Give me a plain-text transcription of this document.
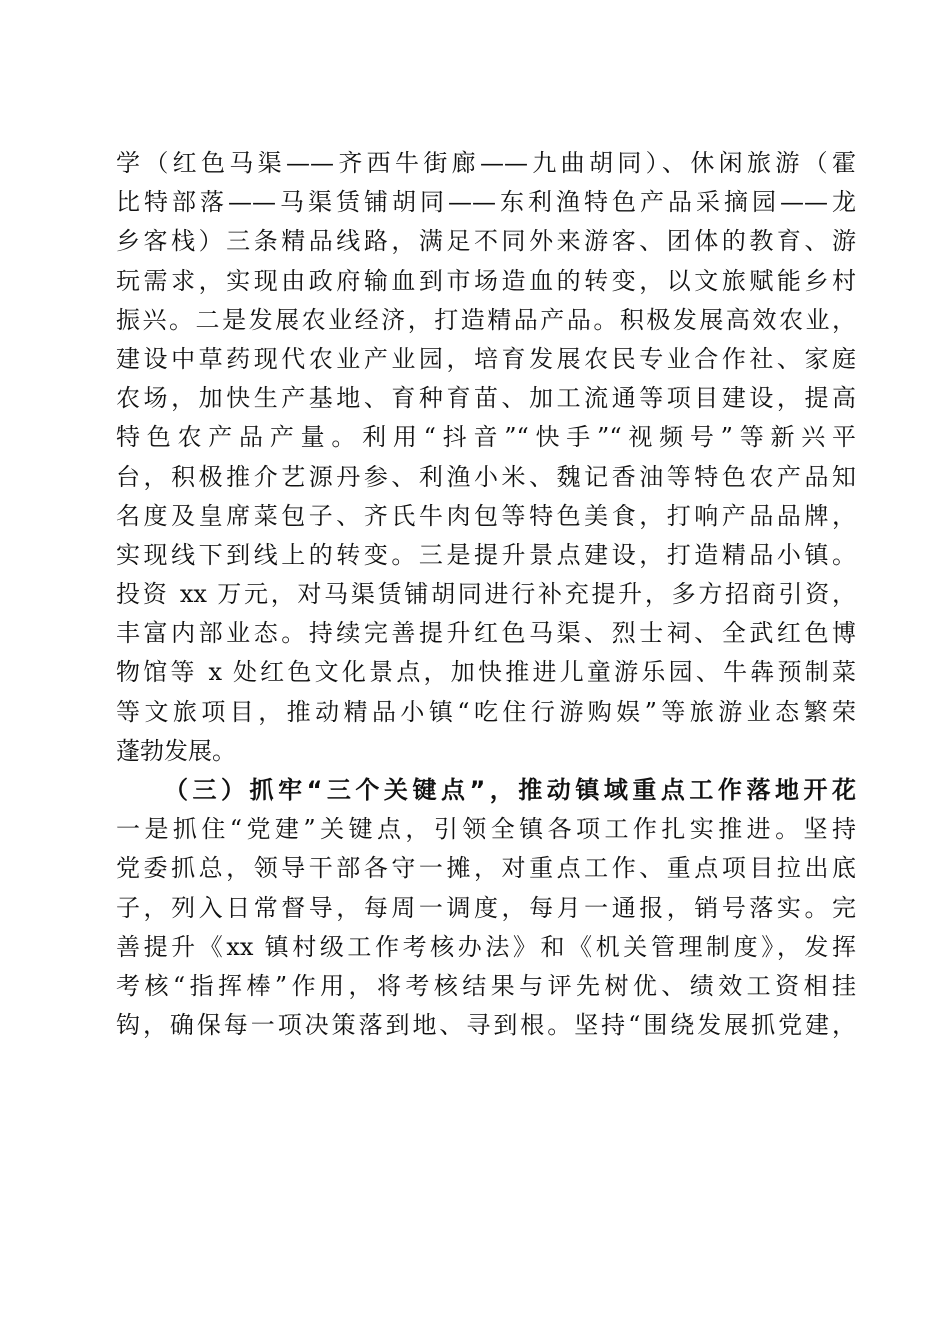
学（红色马渠——齐西牛街廊——九曲胡同）、休闲旅游（霍
比特部落——马渠赁铺胡同——东利渔特色产品采摘园——龙
乡客栈）三条精品线路，满足不同外来游客、团体的教育、游
玩需求，实现由政府输血到市场造血的转变，以文旅赋能乡村
振兴。二是发展农业经济，打造精品产品。积极发展高效农业，
建设中草药现代农业产业园，培育发展农民专业合作社、家庭
农场，加快生产基地、育种育苗、加工流通等项目建设，提高
特色农产品产量。利用“抖音”“快手”“视频号”等新兴平
台，积极推介艺源丹参、利渔小米、魏记香油等特色农产品知
名度及皇席菜包子、齐氏牛肉包等特色美食，打响产品品牌，
实现线下到线上的转变。三是提升景点建设，打造精品小镇。
投资 xx 万元，对马渠赁铺胡同进行补充提升，多方招商引资，
丰富内部业态。持续完善提升红色马渠、烈士祠、全武红色博
物馆等 x 处红色文化景点，加快推进儿童游乐园、牛犇预制菜
等文旅项目，推动精品小镇“吃住行游购娱”等旅游业态繁荣
蓬勃发展。
（三）抓牢“三个关键点”，推动镇域重点工作落地开花
一是抓住“党建”关键点，引领全镇各项工作扎实推进。坚持
党委抓总，领导干部各守一摊，对重点工作、重点项目拉出底
子，列入日常督导，每周一调度，每月一通报，销号落实。完
善提升《xx 镇村级工作考核办法》和《机关管理制度》，发挥
考核“指挥棒”作用，将考核结果与评先树优、绩效工资相挂
钩，确保每一项决策落到地、寻到根。坚持“围绕发展抓党建，
